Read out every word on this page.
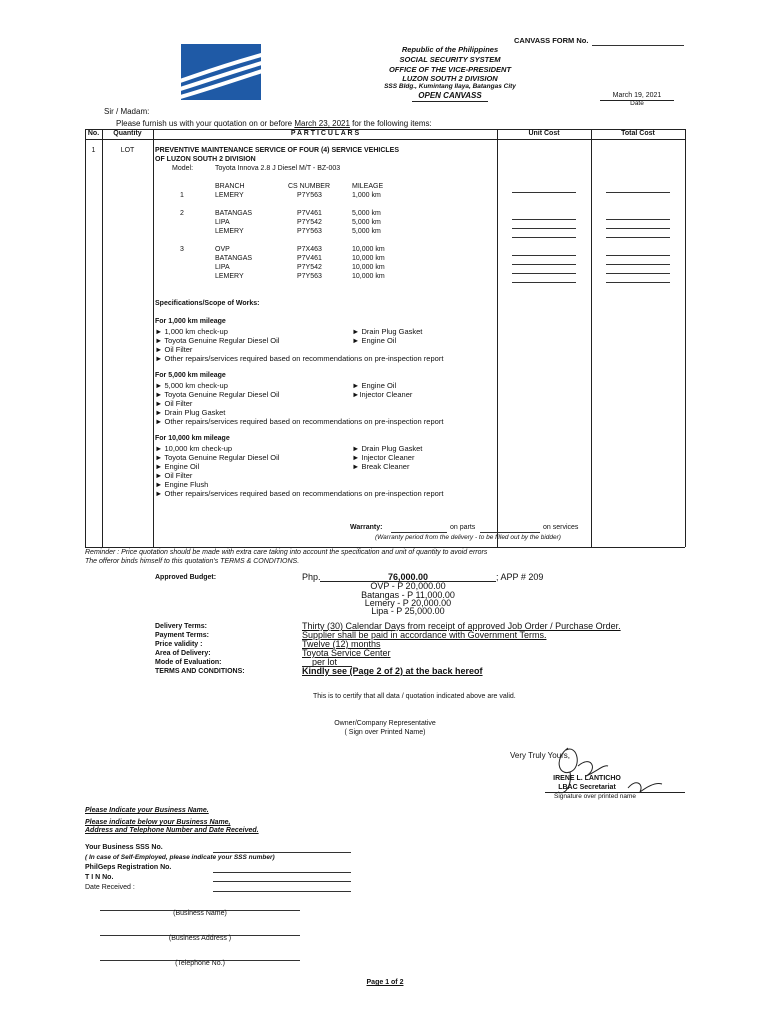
CANVASS FORM No.
Republic of the Philippines
SOCIAL SECURITY SYSTEM
OFFICE OF THE VICE-PRESIDENT
LUZON SOUTH 2 DIVISION
SSS Bldg., Kumintang Ilaya, Batangas City
OPEN CANVASS	March 19, 2021
Date
Sir / Madam:
Please furnish us with your quotation on or before March 23, 2021 for the following items:
No.	Quantity	P A R T I C U L A R S	Unit Cost	Total Cost
1	LOT	PREVENTIVE MAINTENANCE SERVICE OF FOUR (4) SERVICE VEHICLES
OF LUZON SOUTH 2 DIVISION
Model:	Toyota Innova 2.8 J Diesel M/T - BZ-003
BRANCH	CS NUMBER	MILEAGE
1	LEMERY	P7Y563	1,000 km
2	BATANGAS	P7V461	5,000 km
LIPA	P7Y542	5,000 km
LEMERY	P7Y563	5,000 km
3	OVP	P7X463	10,000 km
BATANGAS	P7V461	10,000 km
LIPA	P7Y542	10,000 km
LEMERY	P7Y563	10,000 km
Specifications/Scope of Works:
For 1,000 km mileage
► 1,000 km check-up
► Toyota Genuine Regular Diesel Oil
► Oil Filter
► Other repairs/services required based on recommendations on pre-inspection report
► Drain Plug Gasket
► Engine Oil
For 5,000 km mileage
► 5,000 km check-up
► Toyota Genuine Regular Diesel Oil
► Oil Filter
► Drain Plug Gasket
► Other repairs/services required based on recommendations on pre-inspection report
► Engine Oil
►Injector Cleaner
For 10,000 km mileage
► 10,000 km check-up
► Toyota Genuine Regular Diesel Oil
► Engine Oil
► Oil Filter
► Engine Flush
► Other repairs/services required based on recommendations on pre-inspection report
► Drain Plug Gasket
► Injector Cleaner
► Break Cleaner
Warranty:	on parts	on services
(Warranty period from the delivery - to be filled out by the bidder)
Reminder : Price quotation should be made with extra care taking into account the specification and unit of quantity to avoid errors
The offeror binds himself to this quotation's TERMS & CONDITIONS.
Approved Budget:	Php.	76,000.00	; APP # 209
OVP - P 20,000.00
Batangas - P 11,000.00
Lemery - P 20,000.00
Lipa - P 25,000.00
Delivery Terms:	Thirty (30) Calendar Days from receipt of approved Job Order / Purchase Order.
Payment Terms:	Supplier shall be paid in accordance with Government Terms.
Price validity :	Twelve (12) months
Area of Delivery:	Toyota Service Center
Mode of Evaluation:	per lot
TERMS AND CONDITIONS:	Kindly see (Page 2 of 2) at the back hereof
This is to certify that all data / quotation indicated above are valid.
Owner/Company Representative
( Sign over Printed Name)
Very Truly Yours,
IRENE L. LANTICHO
LBAC Secretariat
Signature over printed name
Please Indicate your Business Name.
Please indicate below your Business Name,
Address and Telephone Number and Date Received.
Your Business SSS No.
( In case of Self-Employed, please indicate your SSS number)
PhilGeps Registration No.
T I N No.
Date Received :
(Business Name)
(Business Address )
(Telephone No.)
Page 1 of 2
